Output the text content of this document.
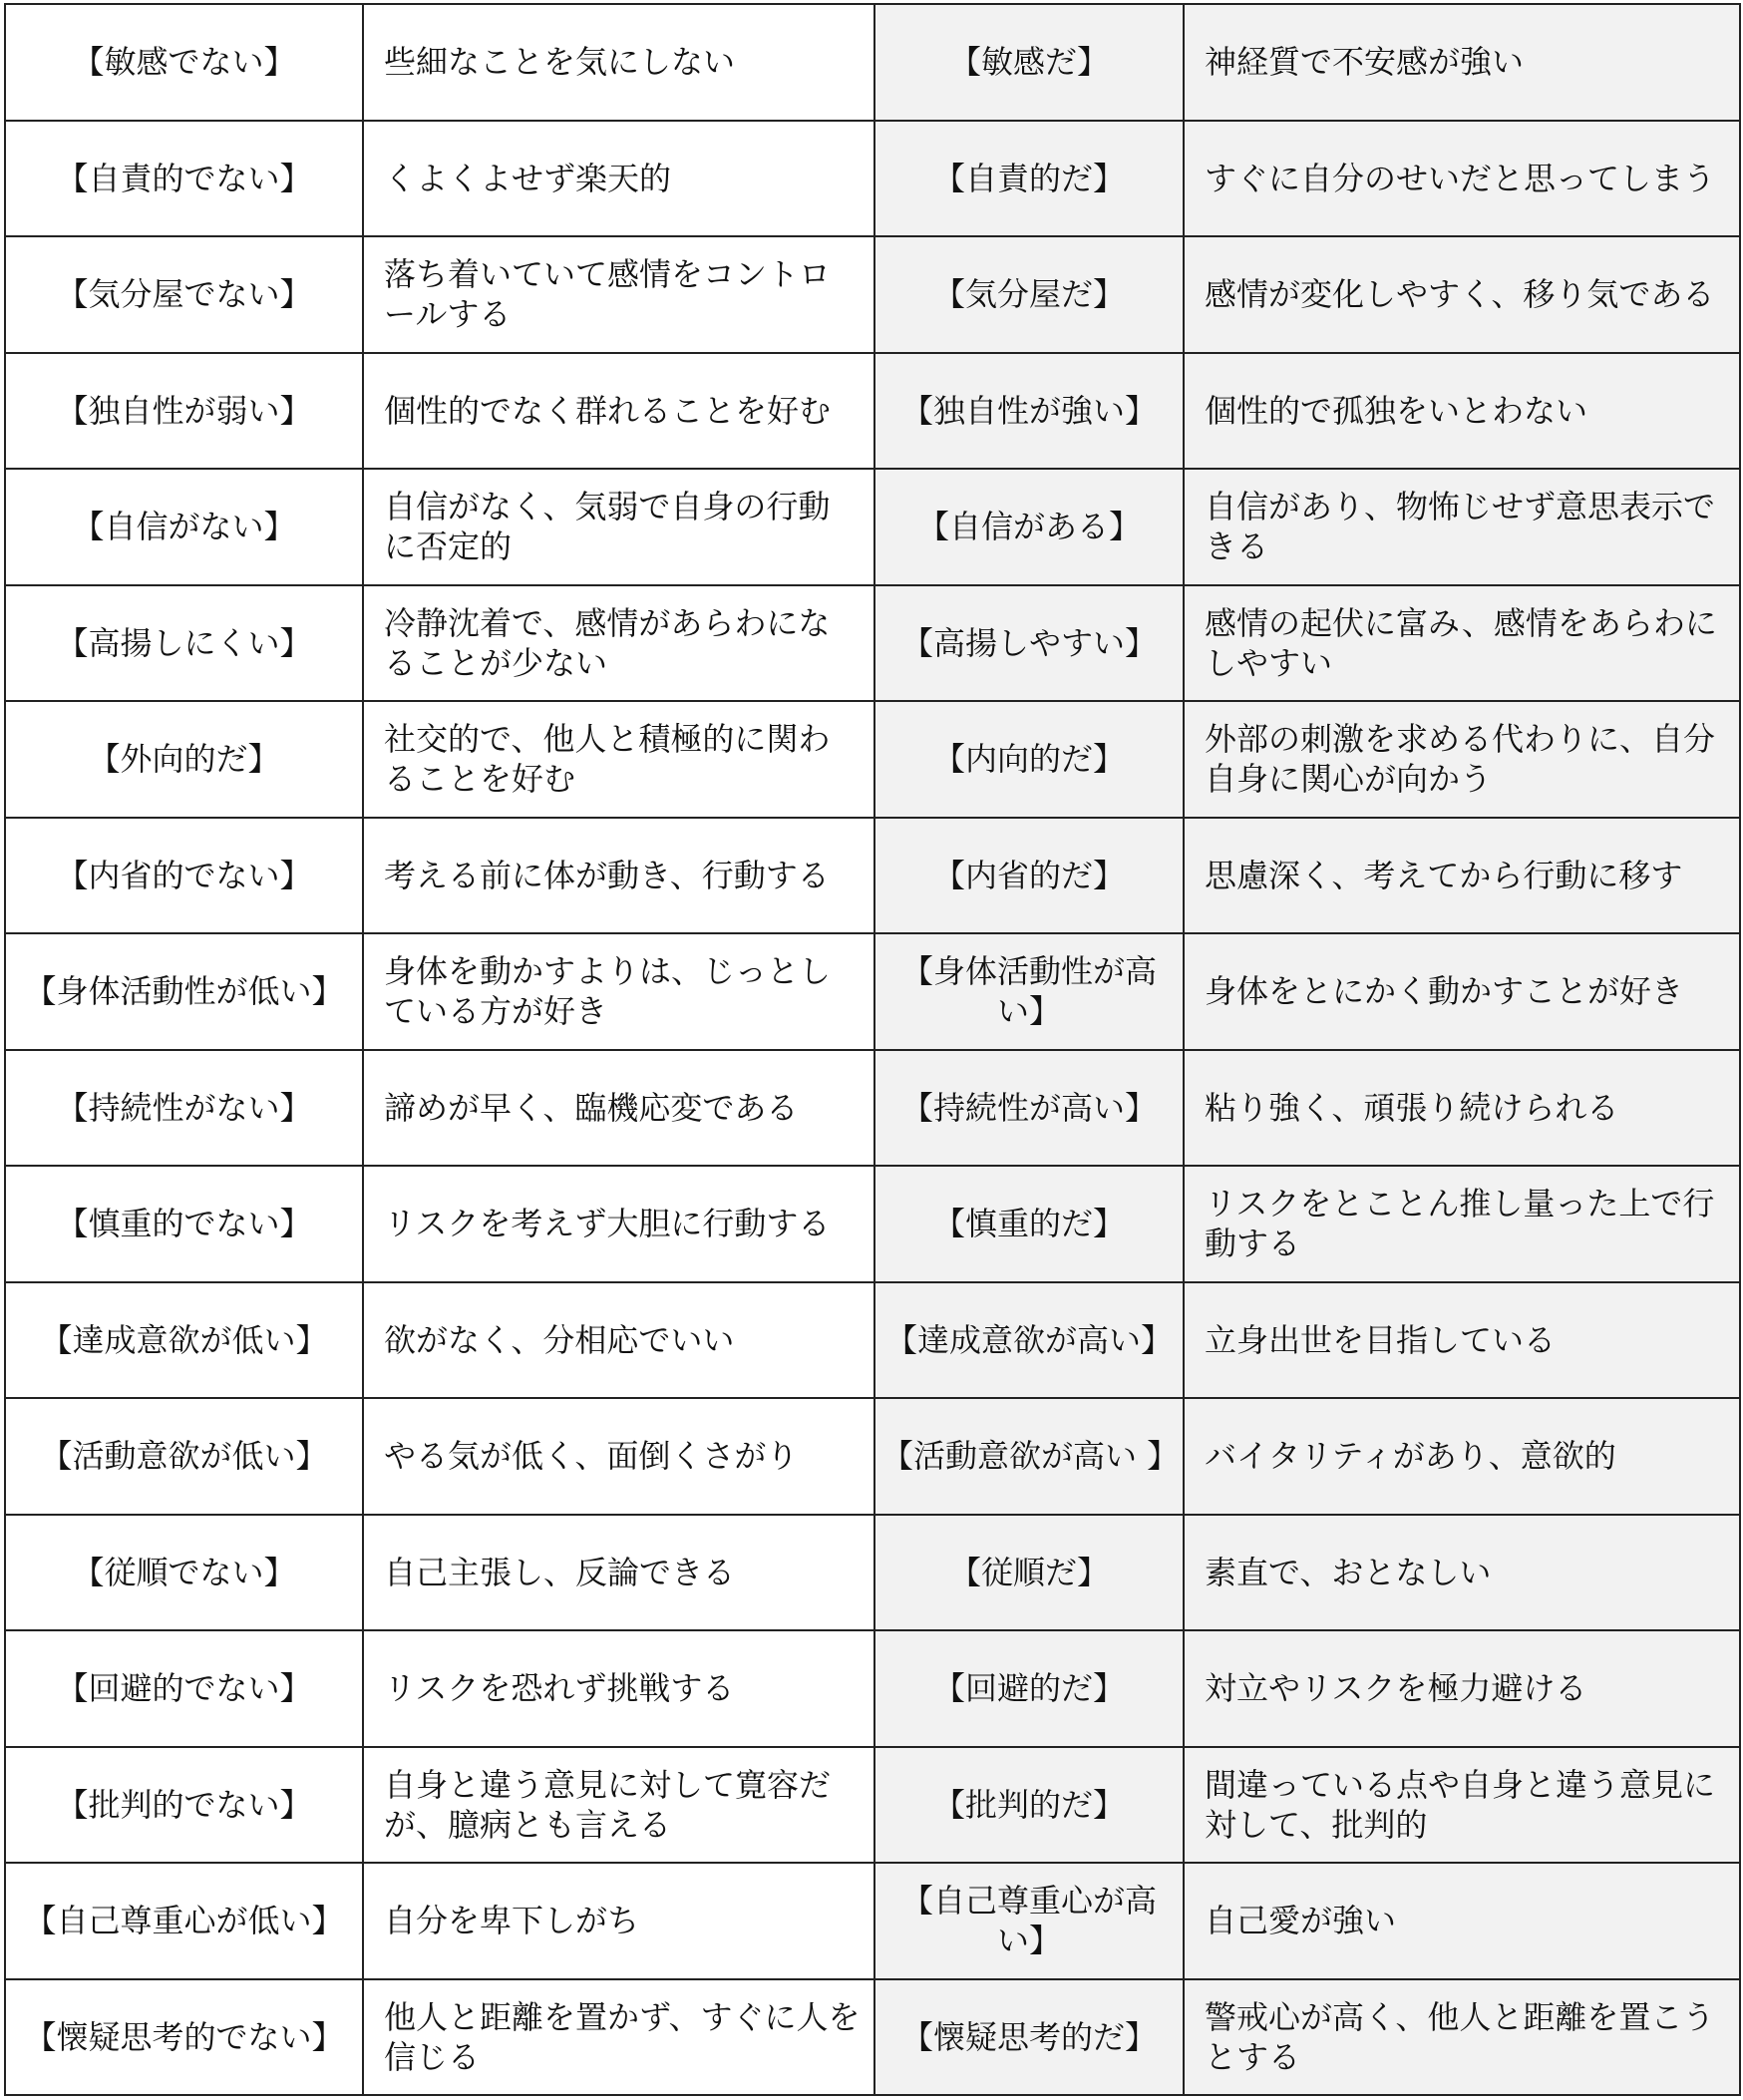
【敏感でない】	些細なことを気にしない	【敏感だ】	神経質で不安感が強い
【自責的でない】	くよくよせず楽天的	【自責的だ】	すぐに自分のせいだと思ってしまう
【気分屋でない】	落ち着いていて感情をコントロールする	【気分屋だ】	感情が変化しやすく、移り気である
【独自性が弱い】	個性的でなく群れることを好む	【独自性が強い】	個性的で孤独をいとわない
【自信がない】	自信がなく、気弱で自身の行動に否定的	【自信がある】	自信があり、物怖じせず意思表示できる
【高揚しにくい】	冷静沈着で、感情があらわになることが少ない	【高揚しやすい】	感情の起伏に富み、感情をあらわにしやすい
【外向的だ】	社交的で、他人と積極的に関わることを好む	【内向的だ】	外部の刺激を求める代わりに、自分自身に関心が向かう
【内省的でない】	考える前に体が動き、行動する	【内省的だ】	思慮深く、考えてから行動に移す
【身体活動性が低い】	身体を動かすよりは、じっとしている方が好き	【身体活動性が高い】	身体をとにかく動かすことが好き
【持続性がない】	諦めが早く、臨機応変である	【持続性が高い】	粘り強く、頑張り続けられる
【慎重的でない】	リスクを考えず大胆に行動する	【慎重的だ】	リスクをとことん推し量った上で行動する
【達成意欲が低い】	欲がなく、分相応でいい	【達成意欲が高い】	立身出世を目指している
【活動意欲が低い】	やる気が低く、面倒くさがり	【活動意欲が高い 】	バイタリティがあり、意欲的
【従順でない】	自己主張し、反論できる	【従順だ】	素直で、おとなしい
【回避的でない】	リスクを恐れず挑戦する	【回避的だ】	対立やリスクを極力避ける
【批判的でない】	自身と違う意見に対して寛容だが、臆病とも言える	【批判的だ】	間違っている点や自身と違う意見に対して、批判的
【自己尊重心が低い】	自分を卑下しがち	【自己尊重心が高い】	自己愛が強い
【懐疑思考的でない】	他人と距離を置かず、すぐに人を信じる	【懐疑思考的だ】	警戒心が高く、他人と距離を置こうとする
